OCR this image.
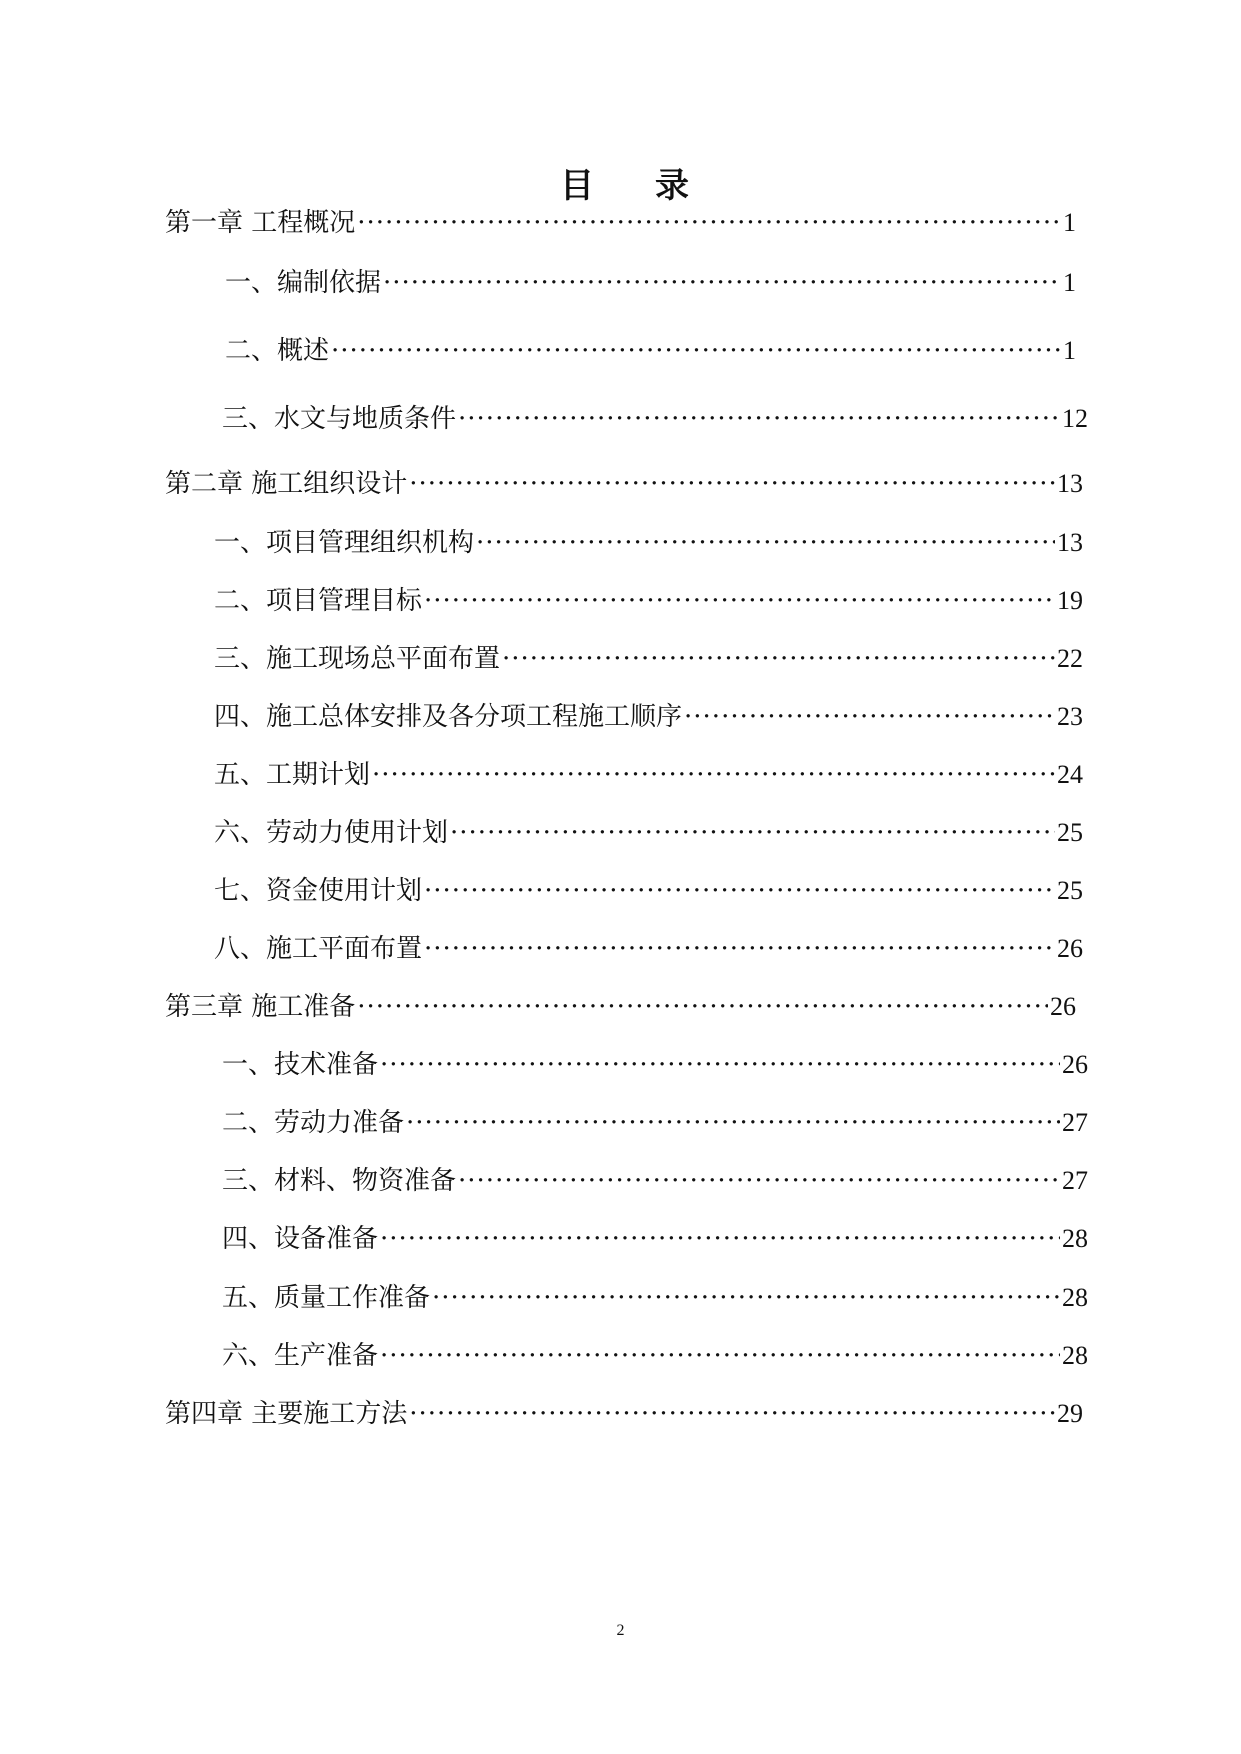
目 录
第一章 工程概况 ·····	1
一、编制依据 ·····	1
二、概述 ·····	1
三、水文与地质条件 ·····	12
第二章 施工组织设计 ·····	13
一、项目管理组织机构 ·····	13
二、项目管理目标 ·····	19
三、施工现场总平面布置 ·····	22
四、施工总体安排及各分项工程施工顺序 ·····	23
五、工期计划 ·····	24
六、劳动力使用计划 ·····	25
七、资金使用计划 ·····	25
八、施工平面布置 ·····	26
第三章 施工准备 ·····	26
一、技术准备 ·····	26
二、劳动力准备 ·····	27
三、材料、物资准备 ·····	27
四、设备准备 ·····	28
五、质量工作准备 ·····	28
六、生产准备 ·····	28
第四章 主要施工方法 ·····	29
2
